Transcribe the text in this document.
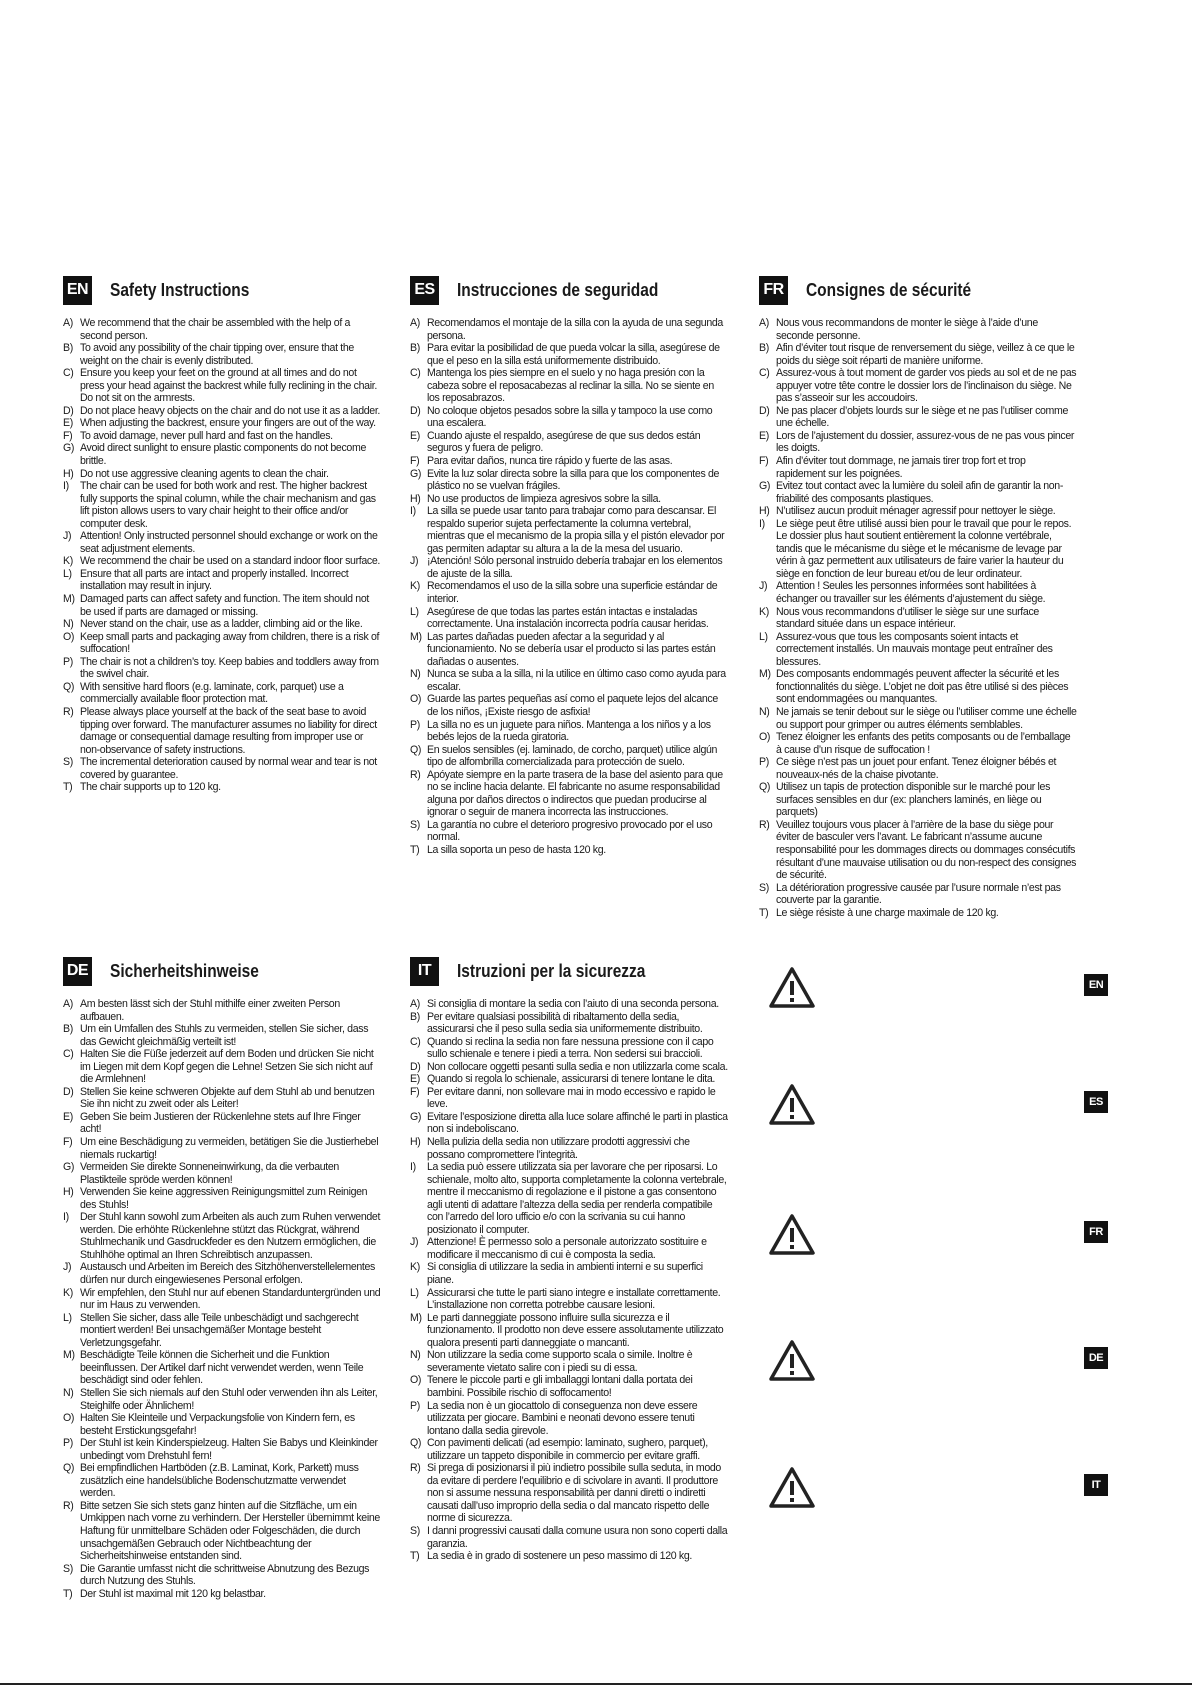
EN Safety Instructions
A) We recommend that the chair be assembled with the help of a second person.
B) To avoid any possibility of the chair tipping over, ensure that the weight on the chair is evenly distributed.
C) Ensure you keep your feet on the ground at all times and do not press your head against the backrest while fully reclining in the chair. Do not sit on the armrests.
D) Do not place heavy objects on the chair and do not use it as a ladder.
E) When adjusting the backrest, ensure your fingers are out of the way.
F) To avoid damage, never pull hard and fast on the handles.
G) Avoid direct sunlight to ensure plastic components do not become brittle.
H) Do not use aggressive cleaning agents to clean the chair.
I)	The chair can be used for both work and rest. The higher backrest fully supports the spinal column, while the chair mechanism and gas lift piston allows users to vary chair height to their office and/or computer desk.
J) Attention! Only instructed personnel should exchange or work on the seat adjustment elements.
K) We recommend the chair be used on a standard indoor floor surface.
L) Ensure that all parts are intact and properly installed. Incorrect installation may result in injury.
M) Damaged parts can affect safety and function. The item should not be used if parts are damaged or missing.
N) Never stand on the chair, use as a ladder, climbing aid or the like.
O) Keep small parts and packaging away from children, there is a risk of suffocation!
P) The chair is not a children’s toy. Keep babies and toddlers away from the swivel chair.
Q) With sensitive hard floors (e.g. laminate, cork, parquet) use a commercially available floor protection mat.
R) Please always place yourself at the back of the seat base to avoid tipping over forward. The manufacturer assumes no liability for direct damage or consequential damage resulting from improper use or non-observance of safety instructions.
S) The incremental deterioration caused by normal wear and tear is not covered by guarantee.
T) The chair supports up to 120 kg.
ES Instrucciones de seguridad
A) Recomendamos el montaje de la silla con la ayuda de una segunda persona.
B) Para evitar la posibilidad de que pueda volcar la silla, asegúrese de que el peso en la silla está uniformemente distribuido.
C) Mantenga los pies siempre en el suelo y no haga presión con la cabeza sobre el reposacabezas al reclinar la silla. No se siente en los reposabrazos.
D) No coloque objetos pesados sobre la silla y tampoco la use como una escalera.
E) Cuando ajuste el respaldo, asegúrese de que sus dedos están seguros y fuera de peligro.
F) Para evitar daños, nunca tire rápido y fuerte de las asas.
G) Evite la luz solar directa sobre la silla para que los componentes de plástico no se vuelvan frágiles.
H) No use productos de limpieza agresivos sobre la silla.
I)	La silla se puede usar tanto para trabajar como para descansar. El respaldo superior sujeta perfectamente la columna vertebral, mientras que el mecanismo de la propia silla y el pistón elevador por gas permiten adaptar su altura a la de la mesa del usuario.
J) ¡Atención! Sólo personal instruido debería trabajar en los elementos de ajuste de la silla.
K) Recomendamos el uso de la silla sobre una superficie estándar de interior.
L) Asegúrese de que todas las partes están intactas e instaladas correctamente. Una instalación incorrecta podría causar heridas.
M) Las partes dañadas pueden afectar a la seguridad y al funcionamiento. No se debería usar el producto si las partes están dañadas o ausentes.
N) Nunca se suba a la silla, ni la utilice en último caso como ayuda para escalar.
O) Guarde las partes pequeñas así como el paquete lejos del alcance de los niños, ¡Existe riesgo de asfixia!
P) La silla no es un juguete para niños. Mantenga a los niños y a los bebés lejos de la rueda giratoria.
Q) En suelos sensibles (ej. laminado, de corcho, parquet) utilice algún tipo de alfombrilla comercializada para protección de suelo.
R) Apóyate siempre en la parte trasera de la base del asiento para que no se incline hacia delante. El fabricante no asume responsabilidad alguna por daños directos o indirectos que puedan producirse al ignorar o seguir de manera incorrecta las instrucciones.
S) La garantía no cubre el deterioro progresivo provocado por el uso normal.
T) La silla soporta un peso de hasta 120 kg.
FR Consignes de sécurité
A) Nous vous recommandons de monter le siège à l’aide d’une seconde personne.
B) Afin d’éviter tout risque de renversement du siège, veillez à ce que le poids du siège soit réparti de manière uniforme.
C) Assurez-vous à tout moment de garder vos pieds au sol et de ne pas appuyer votre tête contre le dossier lors de l’inclinaison du siège. Ne pas s’asseoir sur les accoudoirs.
D) Ne pas placer d’objets lourds sur le siège et ne pas l’utiliser comme une échelle.
E) Lors de l’ajustement du dossier, assurez-vous de ne pas vous pincer les doigts.
F) Afin d’éviter tout dommage, ne jamais tirer trop fort et trop rapidement sur les poignées.
G) Evitez tout contact avec la lumière du soleil afin de garantir la non-friabilité des composants plastiques.
H) N’utilisez aucun produit ménager agressif pour nettoyer le siège.
I)	Le siège peut être utilisé aussi bien pour le travail que pour le repos. Le dossier plus haut soutient entièrement la colonne vertébrale, tandis que le mécanisme du siège et le mécanisme de levage par vérin à gaz permettent aux utilisateurs de faire varier la hauteur du siège en fonction de leur bureau et/ou de leur ordinateur.
J) Attention ! Seules les personnes informées sont habilitées à échanger ou travailler sur les éléments d’ajustement du siège.
K) Nous vous recommandons d’utiliser le siège sur une surface standard située dans un espace intérieur.
L) Assurez-vous que tous les composants soient intacts et correctement installés. Un mauvais montage peut entraîner des blessures.
M) Des composants endommagés peuvent affecter la sécurité et les fonctionnalités du siège. L’objet ne doit pas être utilisé si des pièces sont endommagées ou manquantes.
N) Ne jamais se tenir debout sur le siège ou l’utiliser comme une échelle ou support pour grimper ou autres éléments semblables.
O) Tenez éloigner les enfants des petits composants ou de l’emballage à cause d’un risque de suffocation !
P) Ce siège n’est pas un jouet pour enfant. Tenez éloigner bébés et nouveaux-nés de la chaise pivotante.
Q) Utilisez un tapis de protection disponible sur le marché pour les surfaces sensibles en dur (ex: planchers laminés, en liège ou parquets)
R) Veuillez toujours vous placer à l’arrière de la base du siège pour éviter de basculer vers l’avant. Le fabricant n’assume aucune responsabilité pour les dommages directs ou dommages consécutifs résultant d’une mauvaise utilisation ou du non-respect des consignes de sécurité.
S) La détérioration progressive causée par l’usure normale n’est pas couverte par la garantie.
T) Le siège résiste à une charge maximale de 120 kg.
DE Sicherheitshinweise
A) Am besten lässt sich der Stuhl mithilfe einer zweiten Person aufbauen.
B) Um ein Umfallen des Stuhls zu vermeiden, stellen Sie sicher, dass das Gewicht gleichmäßig verteilt ist!
C) Halten Sie die Füße jederzeit auf dem Boden und drücken Sie nicht im Liegen mit dem Kopf gegen die Lehne! Setzen Sie sich nicht auf die Armlehnen!
D) Stellen Sie keine schweren Objekte auf dem Stuhl ab und benutzen Sie ihn nicht zu zweit oder als Leiter!
E) Geben Sie beim Justieren der Rückenlehne stets auf Ihre Finger acht!
F) Um eine Beschädigung zu vermeiden, betätigen Sie die Justierhebel niemals ruckartig!
G) Vermeiden Sie direkte Sonneneinwirkung, da die verbauten Plastikteile spröde werden können!
H) Verwenden Sie keine aggressiven Reinigungsmittel zum Reinigen des Stuhls!
I)	Der Stuhl kann sowohl zum Arbeiten als auch zum Ruhen verwendet werden. Die erhöhte Rückenlehne stützt das Rückgrat, während Stuhlmechanik und Gasdruckfeder es den Nutzern ermöglichen, die Stuhlhöhe optimal an Ihren Schreibtisch anzupassen.
J) Austausch und Arbeiten im Bereich des Sitzhöhenverstellelementes dürfen nur durch eingewiesenes Personal erfolgen.
K) Wir empfehlen, den Stuhl nur auf ebenen Standarduntergründen und nur im Haus zu verwenden.
L) Stellen Sie sicher, dass alle Teile unbeschädigt und sachgerecht montiert werden! Bei unsachgemäßer Montage besteht Verletzungsgefahr.
M) Beschädigte Teile können die Sicherheit und die Funktion beeinflussen. Der Artikel darf nicht verwendet werden, wenn Teile beschädigt sind oder fehlen.
N) Stellen Sie sich niemals auf den Stuhl oder verwenden ihn als Leiter, Steighilfe oder Ähnlichem!
O) Halten Sie Kleinteile und Verpackungsfolie von Kindern fern, es besteht Erstickungsgefahr!
P) Der Stuhl ist kein Kinderspielzeug. Halten Sie Babys und Kleinkinder unbedingt vom Drehstuhl fern!
Q) Bei empfindlichen Hartböden (z.B. Laminat, Kork, Parkett) muss zusätzlich eine handelsübliche Bodenschutzmatte verwendet werden.
R) Bitte setzen Sie sich stets ganz hinten auf die Sitzfläche, um ein Umkippen nach vorne zu verhindern. Der Hersteller übernimmt keine Haftung für unmittelbare Schäden oder Folgeschäden, die durch unsachgemäßen Gebrauch oder Nichtbeachtung der Sicherheitshinweise entstanden sind.
S) Die Garantie umfasst nicht die schrittweise Abnutzung des Bezugs durch Nutzung des Stuhls.
T) Der Stuhl ist maximal mit 120 kg belastbar.
IT	Istruzioni per la sicurezza
A) Si consiglia di montare la sedia con l’aiuto di una seconda persona.
B) Per evitare qualsiasi possibilità di ribaltamento della sedia, assicurarsi che il peso sulla sedia sia uniformemente distribuito.
C) Quando si reclina la sedia non fare nessuna pressione con il capo sullo schienale e tenere i piedi a terra. Non sedersi sui braccioli.
D) Non collocare oggetti pesanti sulla sedia e non utilizzarla come scala.
E) Quando si regola lo schienale, assicurarsi di tenere lontane le dita.
F) Per evitare danni, non sollevare mai in modo eccessivo e rapido le leve.
G) Evitare l’esposizione diretta alla luce solare affinché le parti in plastica non si indeboliscano.
H) Nella pulizia della sedia non utilizzare prodotti aggressivi che possano compromettere l’integrità.
I)	La sedia può essere utilizzata sia per lavorare che per riposarsi. Lo schienale, molto alto, supporta completamente la colonna vertebrale, mentre il meccanismo di regolazione e il pistone a gas consentono agli utenti di adattare l’altezza della sedia per renderla compatibile con l’arredo del loro ufficio e/o con la scrivania su cui hanno posizionato il computer.
J) Attenzione! È permesso solo a personale autorizzato sostituire e modificare il meccanismo di cui è composta la sedia.
K) Si consiglia di utilizzare la sedia in ambienti interni e su superfici piane.
L) Assicurarsi che tutte le parti siano integre e installate correttamente. L’installazione non corretta potrebbe causare lesioni.
M) Le parti danneggiate possono influire sulla sicurezza e il funzionamento. Il prodotto non deve essere assolutamente utilizzato qualora presenti parti danneggiate o mancanti.
N) Non utilizzare la sedia come supporto scala o simile. Inoltre è severamente vietato salire con i piedi su di essa.
O) Tenere le piccole parti e gli imballaggi lontani dalla portata dei bambini. Possibile rischio di soffocamento!
P) La sedia non è un giocattolo di conseguenza non deve essere utilizzata per giocare. Bambini e neonati devono essere tenuti lontano dalla sedia girevole.
Q) Con pavimenti delicati (ad esempio: laminato, sughero, parquet), utilizzare un tappeto disponibile in commercio per evitare graffi.
R) Si prega di posizionarsi il più indietro possibile sulla seduta, in modo da evitare di perdere l’equilibrio e di scivolare in avanti. Il produttore non si assume nessuna responsabilità per danni diretti o indiretti causati dall’uso improprio della sedia o dal mancato rispetto delle norme di sicurezza.
S) I danni progressivi causati dalla comune usura non sono coperti dalla garanzia.
T) La sedia è in grado di sostenere un peso massimo di 120 kg.
EN
ES
FR
DE
IT
